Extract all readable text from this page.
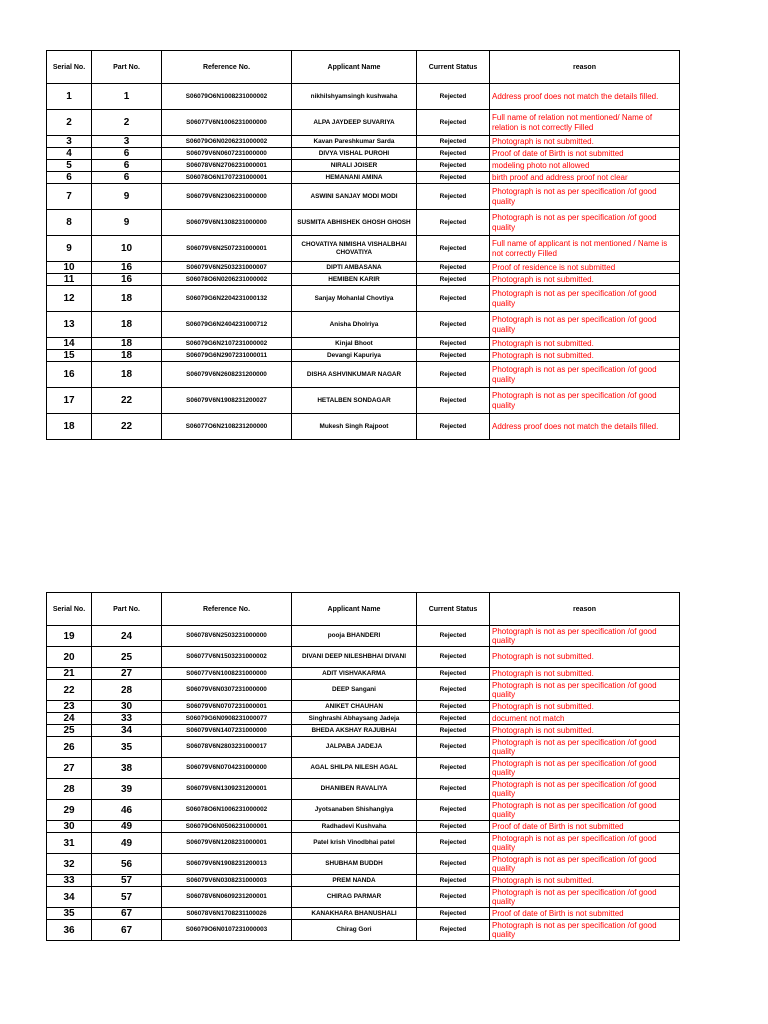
Serial No.	Part No.	Reference No.	Applicant Name	Current Status	reason
1	1	S06079O6N1008231000002	nikhilshyamsingh kushwaha	Rejected	Address proof does not match the details filled.
2	2	S06077V6N1006231000000	ALPA JAYDEEP SUVARIYA	Rejected	Full name of relation not mentioned/ Name of relation is not correctly Filled
3	3	S06079O6N0206231000002	Kavan Pareshkumar Sarda	Rejected	Photograph is not submitted.
4	6	S06079V6N0607231000000	DIVYA VISHAL PUROHI	Rejected	Proof of date of Birth is not submitted
5	6	S06078V6N2706231000001	NIRALI JOISER	Rejected	modeling photo not allowed
6	6	S06078O6N1707231000001	HEMANANI AMINA	Rejected	birth proof and address proof not clear
7	9	S06079V6N2306231000000	ASWINI SANJAY MODI MODI	Rejected	Photograph is not as per specification /of good quality
8	9	S06079V6N1308231000000	SUSMITA ABHISHEK GHOSH GHOSH	Rejected	Photograph is not as per specification /of good quality
9	10	S06079V6N2507231000001	CHOVATIYA NIMISHA VISHALBHAI CHOVATIYA	Rejected	Full name of applicant is not mentioned / Name is not correctly Filled
10	16	S06079V6N2503231000007	DIPTI AMBASANA	Rejected	Proof of residence is not submitted
11	16	S06078O6N0206231000002	HEMIBEN KARIR	Rejected	Photograph is not submitted.
12	18	S06079G6N2204231000132	Sanjay Mohanlal Chovtiya	Rejected	Photograph is not as per specification /of good quality
13	18	S06079G6N2404231000712	Anisha Dholriya	Rejected	Photograph is not as per specification /of good quality
14	18	S06079G6N2107231000002	Kinjal Bhoot	Rejected	Photograph is not submitted.
15	18	S06079G6N2907231000011	Devangi Kapuriya	Rejected	Photograph is not submitted.
16	18	S06079V6N2608231200000	DISHA ASHVINKUMAR NAGAR	Rejected	Photograph is not as per specification /of good quality
17	22	S06079V6N1908231200027	HETALBEN SONDAGAR	Rejected	Photograph is not as per specification /of good quality
18	22	S06077O6N2108231200000	Mukesh Singh Rajpoot	Rejected	Address proof does not match the details filled.
Serial No.	Part No.	Reference No.	Applicant Name	Current Status	reason
19	24	S06078V6N2503231000000	pooja BHANDERI	Rejected	Photograph is not as per specification /of good quality
20	25	S06077V6N1503231000002	DIVANI DEEP NILESHBHAI DIVANI	Rejected	Photograph is not submitted.
21	27	S06077V6N1008231000000	ADIT VISHVAKARMA	Rejected	Photograph is not submitted.
22	28	S06079V6N0307231000000	DEEP Sangani	Rejected	Photograph is not as per specification /of good quality
23	30	S06079V6N0707231000001	ANIKET CHAUHAN	Rejected	Photograph is not submitted.
24	33	S06079G6N0908231000077	Singhrashi Abhaysang Jadeja	Rejected	document not match
25	34	S06079V6N1407231000000	BHEDA AKSHAY RAJUBHAI	Rejected	Photograph is not submitted.
26	35	S06078V6N2803231000017	JALPABA JADEJA	Rejected	Photograph is not as per specification /of good quality
27	38	S06079V6N0704231000000	AGAL SHILPA NILESH AGAL	Rejected	Photograph is not as per specification /of good quality
28	39	S06079V6N1309231200001	DHANIBEN RAVALIYA	Rejected	Photograph is not as per specification /of good quality
29	46	S06078O6N1006231000002	Jyotsanaben Shishangiya	Rejected	Photograph is not as per specification /of good quality
30	49	S06079O6N0506231000001	Radhadevi Kushvaha	Rejected	Proof of date of Birth is not submitted
31	49	S06079V6N1208231000001	Patel krish Vinodbhai patel	Rejected	Photograph is not as per specification /of good quality
32	56	S06079V6N1908231200013	SHUBHAM BUDDH	Rejected	Photograph is not as per specification /of good quality
33	57	S06079V6N0308231000003	PREM NANDA	Rejected	Photograph is not submitted.
34	57	S06078V6N0609231200001	CHIRAG PARMAR	Rejected	Photograph is not as per specification /of good quality
35	67	S06078V6N1708231100026	KANAKHARA BHANUSHALI	Rejected	Proof of date of Birth is not submitted
36	67	S06079O6N0107231000003	Chirag Gori	Rejected	Photograph is not as per specification /of good quality
